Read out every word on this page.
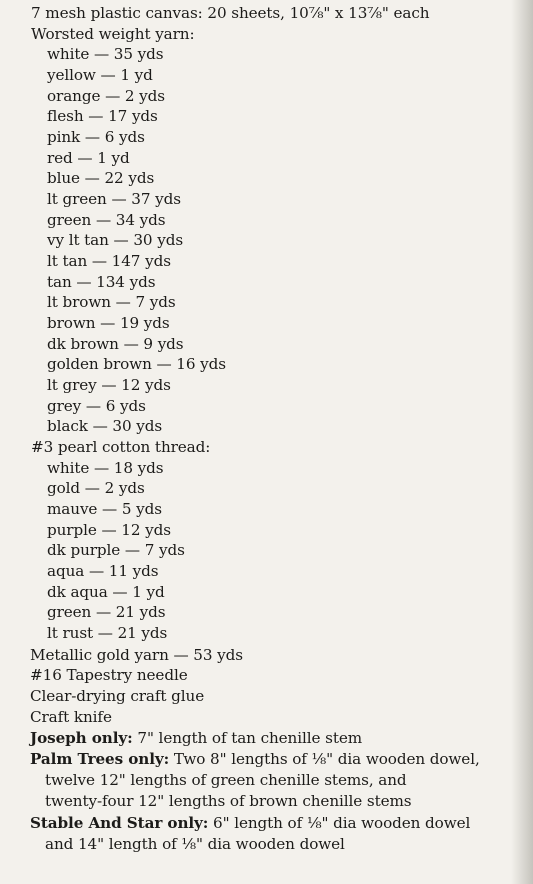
7 mesh plastic canvas: 20 sheets, 10⅞" x 13⅞" each
Worsted weight yarn:
white — 35 yds
yellow — 1 yd
orange — 2 yds
flesh — 17 yds
pink — 6 yds
red — 1 yd
blue — 22 yds
lt green — 37 yds
green — 34 yds
vy lt tan — 30 yds
lt tan — 147 yds
tan — 134 yds
lt brown — 7 yds
brown — 19 yds
dk brown — 9 yds
golden brown — 16 yds
lt grey — 12 yds
grey — 6 yds
black — 30 yds
#3 pearl cotton thread:
white — 18 yds
gold — 2 yds
mauve — 5 yds
purple — 12 yds
dk purple — 7 yds
aqua — 11 yds
dk aqua — 1 yd
green — 21 yds
lt rust — 21 yds
Metallic gold yarn — 53 yds
#16 Tapestry needle
Clear-drying craft glue
Craft knife
Joseph only: 7" length of tan chenille stem
Palm Trees only: Two 8" lengths of ⅛" dia wooden dowel,
twelve 12" lengths of green chenille stems, and
twenty-four 12" lengths of brown chenille stems
Stable And Star only: 6" length of ⅛" dia wooden dowel
and 14" length of ⅛" dia wooden dowel
